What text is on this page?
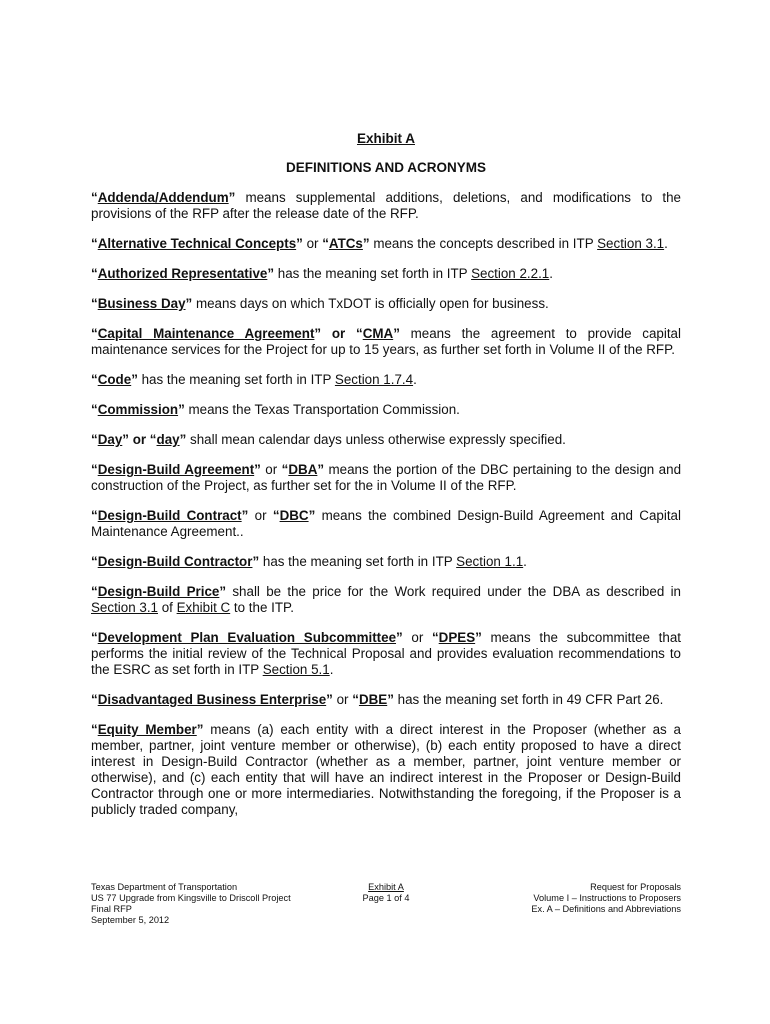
Exhibit A
DEFINITIONS AND ACRONYMS

“Addenda/Addendum” means supplemental additions, deletions, and modifications to the provisions of the RFP after the release date of the RFP.

“Alternative Technical Concepts” or “ATCs” means the concepts described in ITP Section 3.1.

“Authorized Representative” has the meaning set forth in ITP Section 2.2.1.

“Business Day” means days on which TxDOT is officially open for business.

“Capital Maintenance Agreement” or “CMA” means the agreement to provide capital maintenance services for the Project for up to 15 years, as further set forth in Volume II of the RFP.

“Code” has the meaning set forth in ITP Section 1.7.4.

“Commission” means the Texas Transportation Commission.

“Day” or “day” shall mean calendar days unless otherwise expressly specified.

“Design-Build Agreement” or “DBA” means the portion of the DBC pertaining to the design and construction of the Project, as further set for the in Volume II of the RFP.

“Design-Build Contract” or “DBC” means the combined Design-Build Agreement and Capital Maintenance Agreement..

“Design-Build Contractor” has the meaning set forth in ITP Section 1.1.

“Design-Build Price” shall be the price for the Work required under the DBA as described in Section 3.1 of Exhibit C to the ITP.

“Development Plan Evaluation Subcommittee” or “DPES” means the subcommittee that performs the initial review of the Technical Proposal and provides evaluation recommendations to the ESRC as set forth in ITP Section 5.1.

“Disadvantaged Business Enterprise” or “DBE” has the meaning set forth in 49 CFR Part 26.

“Equity Member” means (a) each entity with a direct interest in the Proposer (whether as a member, partner, joint venture member or otherwise), (b) each entity proposed to have a direct interest in Design-Build Contractor (whether as a member, partner, joint venture member or otherwise), and (c) each entity that will have an indirect interest in the Proposer or Design-Build Contractor through one or more intermediaries. Notwithstanding the foregoing, if the Proposer is a publicly traded company,

Texas Department of Transportation
US 77 Upgrade from Kingsville to Driscoll Project
Final RFP
September 5, 2012
Exhibit A
Page 1 of 4
Request for Proposals
Volume I – Instructions to Proposers
Ex. A – Definitions and Abbreviations
